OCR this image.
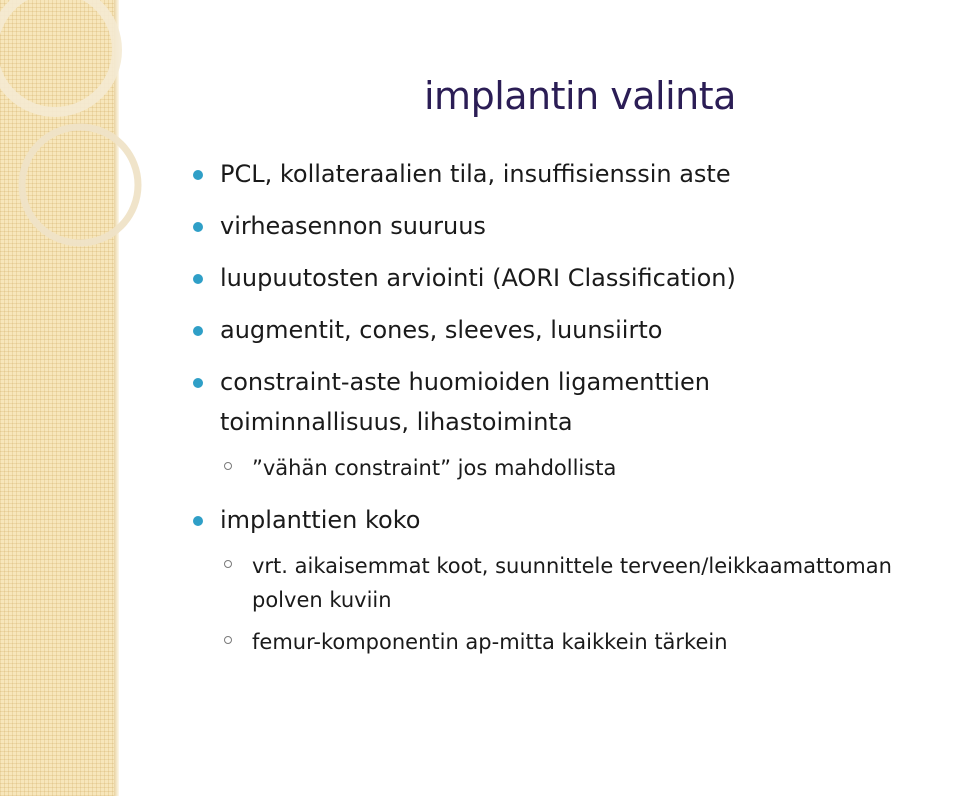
implantin valinta
PCL, kollateraalien tila, insuffisienssin aste
virheasennon suuruus
luupuutosten arviointi (AORI Classification)
augmentit, cones, sleeves, luunsiirto
constraint-aste huomioiden ligamenttien
toiminnallisuus, lihastoiminta
”vähän constraint” jos mahdollista
implanttien koko
vrt. aikaisemmat koot, suunnittele terveen/leikkaamattoman
polven kuviin
femur-komponentin ap-mitta kaikkein tärkein
